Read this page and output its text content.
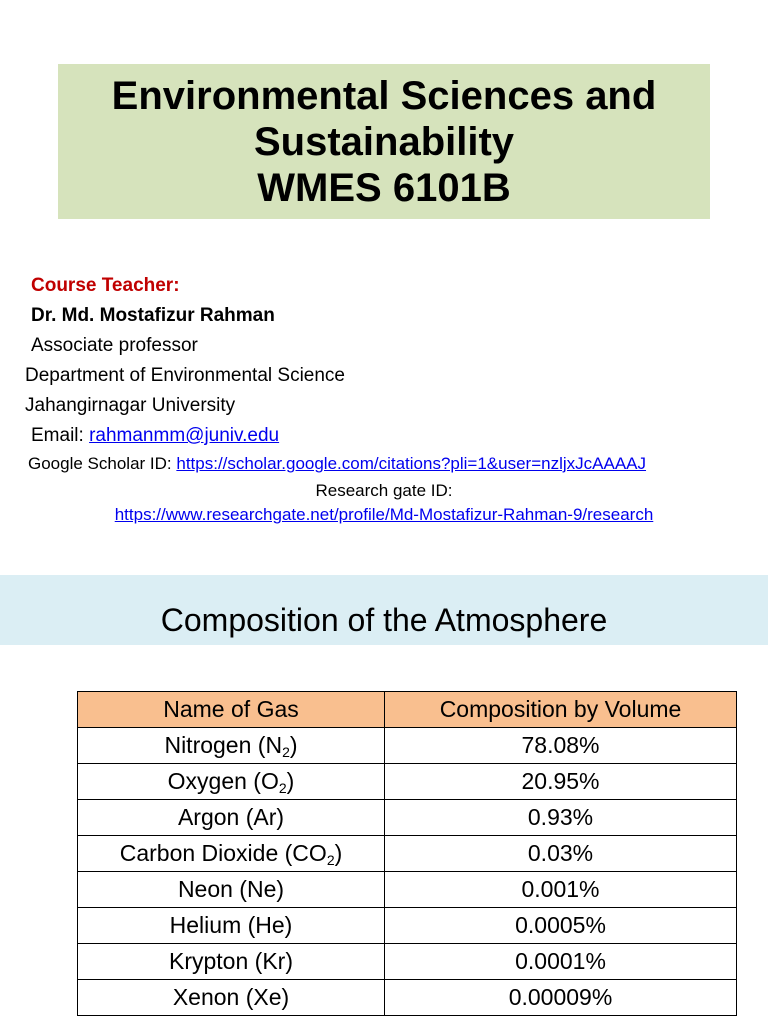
Environmental Sciences and
Sustainability
WMES 6101B
Course Teacher:
Dr. Md. Mostafizur Rahman
Associate professor
Department of Environmental Science
Jahangirnagar University
Email: rahmanmm@juniv.edu
Google Scholar ID: https://scholar.google.com/citations?pli=1&user=nzljxJcAAAAJ
Research gate ID:
https://www.researchgate.net/profile/Md-Mostafizur-Rahman-9/research
Composition of the Atmosphere
Name of Gas	Composition by Volume
Nitrogen $(N_2)$	78.08%
Oxygen $(O_2)$	20.95%
Argon (Ar)	0.93%
Carbon Dioxide $(CO_2)$	0.03%
Neon (Ne)	0.001%
Helium (He)	0.0005%
Krypton (Kr)	0.0001%
Xenon (Xe)	0.00009%
